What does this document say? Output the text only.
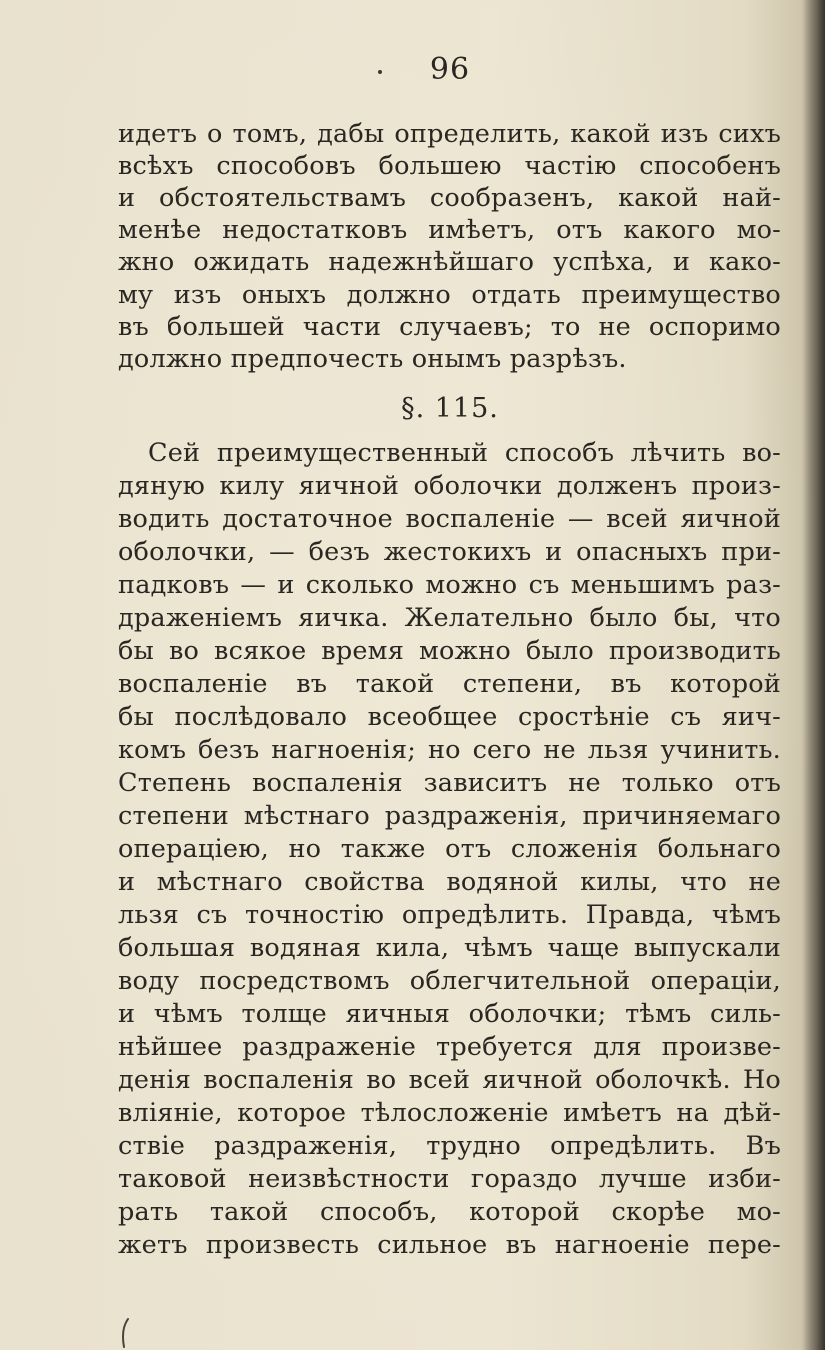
96
идетъ о томъ, дабы определить, какой изъ сихъ
всѣхъ способовъ большею частію способенъ
и обстоятельствамъ сообразенъ, какой най-
менѣе недостатковъ имѣетъ, отъ какого мо-
жно ожидать надежнѣйшаго успѣха, и како-
му изъ оныхъ должно отдать преимущество
въ большей части случаевъ; то не оспоримо
должно предпочесть онымъ разрѣзъ.
§. 115.
Сей преимущественный способъ лѣчить во-
дяную килу яичной оболочки долженъ произ-
водить достаточное воспаленіе — всей яичной
оболочки, — безъ жестокихъ и опасныхъ при-
падковъ — и сколько можно съ меньшимъ раз-
драженіемъ яичка. Желательно было бы, что
бы во всякое время можно было производить
воспаленіе въ такой степени, въ которой
бы послѣдовало всеобщее сростѣніе съ яич-
комъ безъ нагноенія; но сего не льзя учинить.
Степень воспаленія зависитъ не только отъ
степени мѣстнаго раздраженія, причиняемаго
операціею, но также отъ сложенія больнаго
и мѣстнаго свойства водяной килы, что не
льзя съ точностію опредѣлить. Правда, чѣмъ
большая водяная кила, чѣмъ чаще выпускали
воду посредствомъ облегчительной операціи,
и чѣмъ толще яичныя оболочки; тѣмъ силь-
нѣйшее раздраженіе требуется для произве-
денія воспаленія во всей яичной оболочкѣ. Но
вліяніе, которое тѣлосложеніе имѣетъ на дѣй-
ствіе раздраженія, трудно опредѣлить. Въ
таковой неизвѣстности гораздо лучше изби-
рать такой способъ, которой скорѣе мо-
жетъ произвесть сильное въ нагноеніе пере-
